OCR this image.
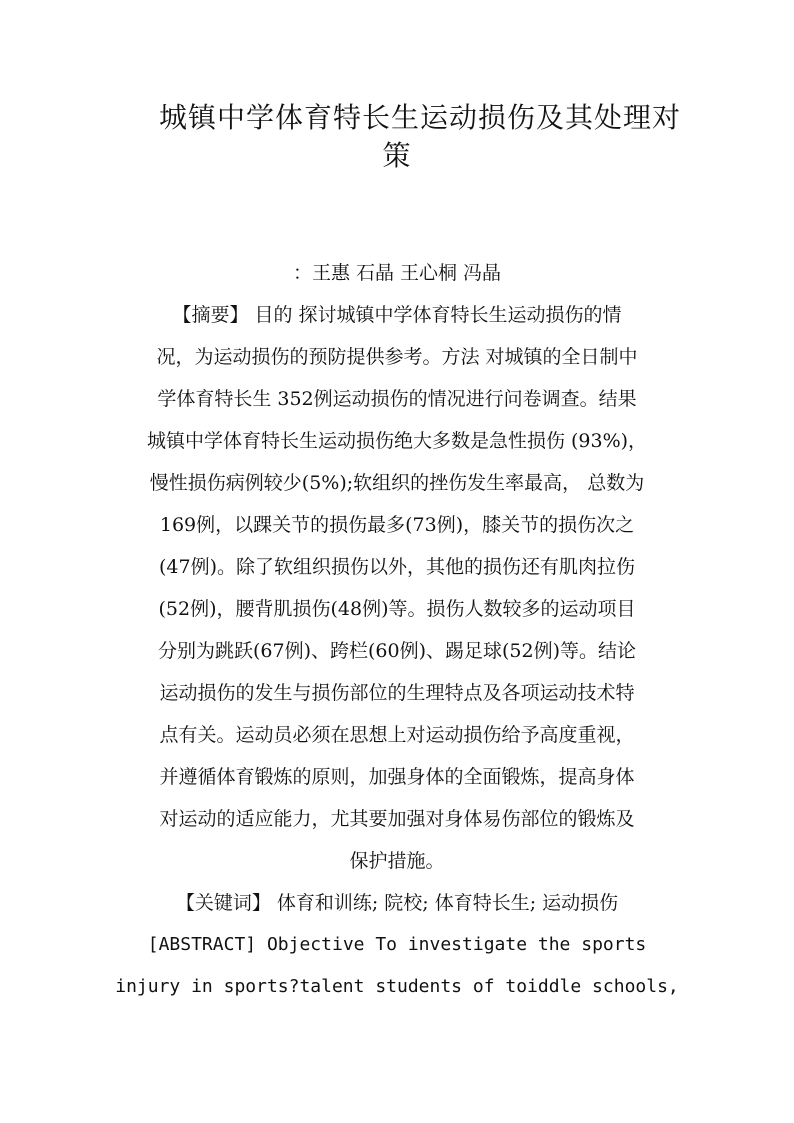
城镇中学体育特长生运动损伤及其处理对
策

：王惠 石晶 王心桐 冯晶

【摘要】 目的 探讨城镇中学体育特长生运动损伤的情

况，为运动损伤的预防提供参考。方法 对城镇的全日制中

学体育特长生 352例运动损伤的情况进行问卷调查。结果

城镇中学体育特长生运动损伤绝大多数是急性损伤 (93%)，

慢性损伤病例较少(5%);软组织的挫伤发生率最高， 总数为

169例，以踝关节的损伤最多(73例)，膝关节的损伤次之

(47例)。除了软组织损伤以外，其他的损伤还有肌肉拉伤

(52例)，腰背肌损伤(48例)等。损伤人数较多的运动项目

分别为跳跃(67例)、跨栏(60例)、踢足球(52例)等。结论

运动损伤的发生与损伤部位的生理特点及各项运动技术特

点有关。运动员必须在思想上对运动损伤给予高度重视，

并遵循体育锻炼的原则，加强身体的全面锻炼，提高身体

对运动的适应能力，尤其要加强对身体易伤部位的锻炼及

保护措施。

【关键词】 体育和训练; 院校; 体育特长生; 运动损伤

[ABSTRACT] Objective To investigate the sports

injury in sports?talent students of toiddle schools,
